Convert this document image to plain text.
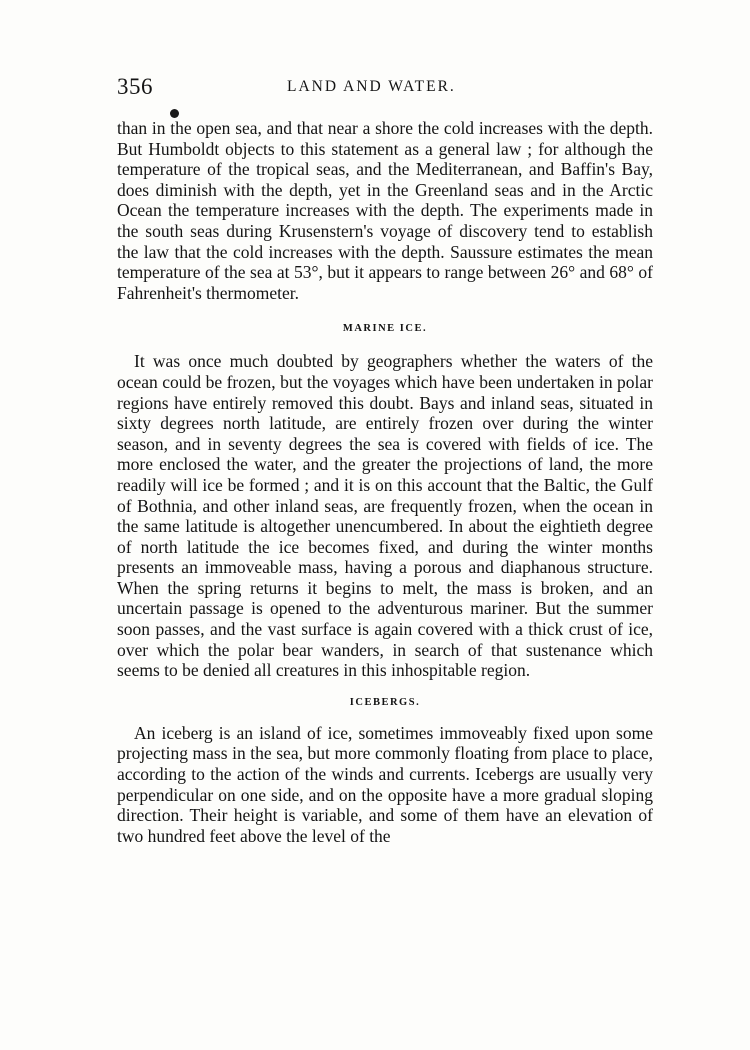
356	LAND AND WATER.

than in the open sea, and that near a shore the cold increases with the depth. But Humboldt objects to this statement as a general law ; for although the temperature of the tropical seas, and the Mediterranean, and Baffin's Bay, does diminish with the depth, yet in the Greenland seas and in the Arctic Ocean the temperature increases with the depth. The experiments made in the south seas during Krusenstern's voyage of discovery tend to establish the law that the cold increases with the depth. Saussure estimates the mean temperature of the sea at 53°, but it appears to range between 26° and 68° of Fahrenheit's thermometer.

MARINE ICE.

It was once much doubted by geographers whether the waters of the ocean could be frozen, but the voyages which have been undertaken in polar regions have entirely removed this doubt. Bays and inland seas, situated in sixty degrees north latitude, are entirely frozen over during the winter season, and in seventy degrees the sea is covered with fields of ice. The more enclosed the water, and the greater the projections of land, the more readily will ice be formed ; and it is on this account that the Baltic, the Gulf of Bothnia, and other inland seas, are frequently frozen, when the ocean in the same latitude is altogether unencumbered. In about the eightieth degree of north latitude the ice becomes fixed, and during the winter months presents an immoveable mass, having a porous and diaphanous structure. When the spring returns it begins to melt, the mass is broken, and an uncertain passage is opened to the adventurous mariner. But the summer soon passes, and the vast surface is again covered with a thick crust of ice, over which the polar bear wanders, in search of that sustenance which seems to be denied all creatures in this inhospitable region.

ICEBERGS.

An iceberg is an island of ice, sometimes immoveably fixed upon some projecting mass in the sea, but more commonly floating from place to place, according to the action of the winds and currents. Icebergs are usually very perpendicular on one side, and on the opposite have a more gradual sloping direction. Their height is variable, and some of them have an elevation of two hundred feet above the level of the
